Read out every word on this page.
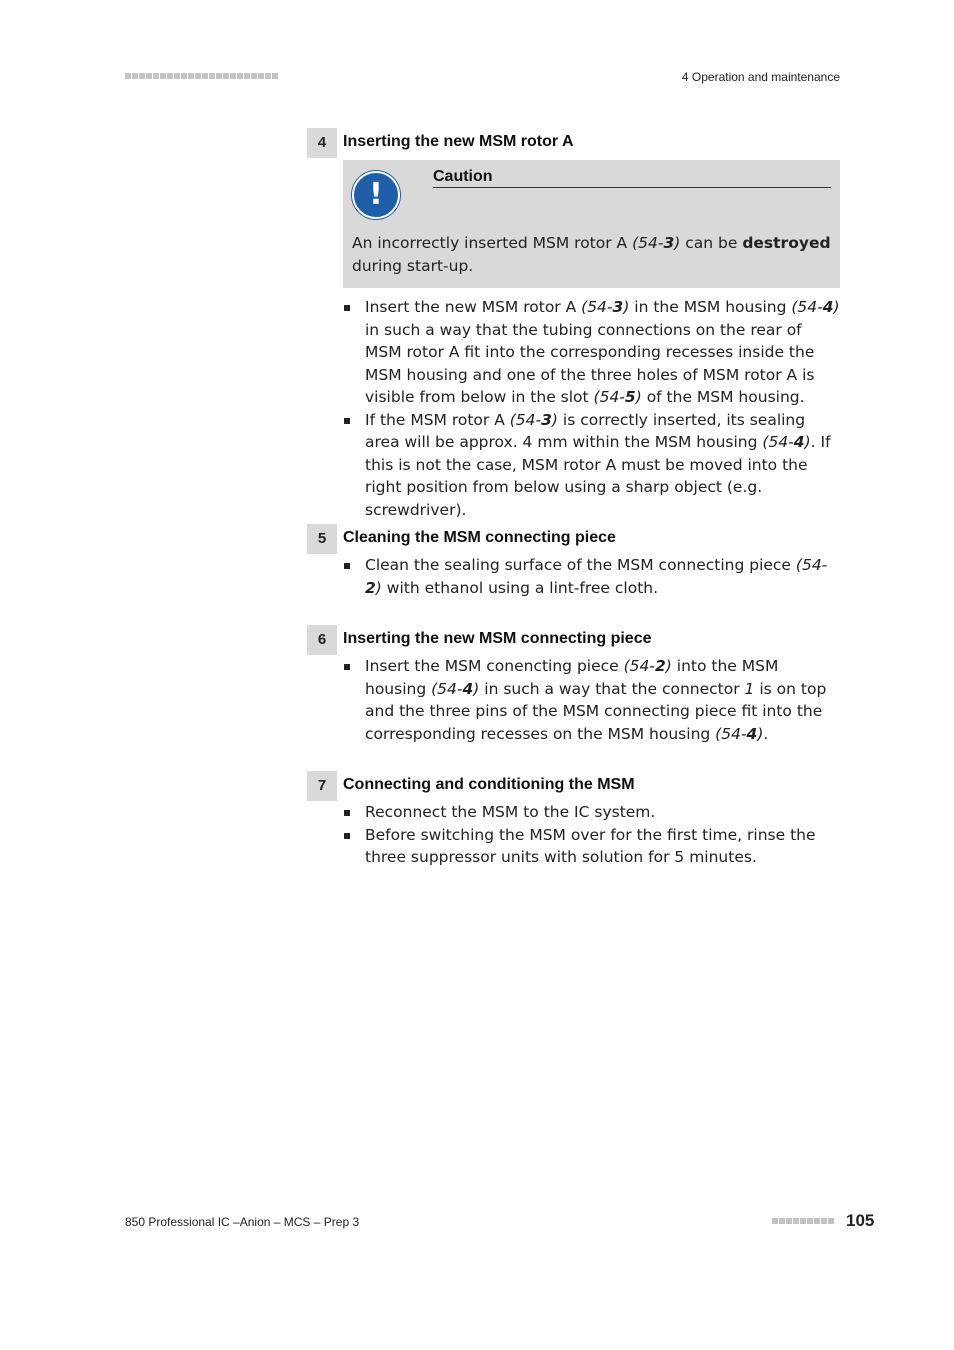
4 Operation and maintenance
4	Inserting the new MSM rotor A
!
Caution
An incorrectly inserted MSM rotor A (54-3) can be destroyed during start-up.
Insert the new MSM rotor A (54-3) in the MSM housing (54-4) in such a way that the tubing connections on the rear of MSM rotor A fit into the corresponding recesses inside the MSM housing and one of the three holes of MSM rotor A is visible from below in the slot (54-5) of the MSM housing.
If the MSM rotor A (54-3) is correctly inserted, its sealing area will be approx. 4 mm within the MSM housing (54-4). If this is not the case, MSM rotor A must be moved into the right position from below using a sharp object (e.g. screwdriver).
5	Cleaning the MSM connecting piece
Clean the sealing surface of the MSM connecting piece (54-2) with ethanol using a lint-free cloth.
6	Inserting the new MSM connecting piece
Insert the MSM conencting piece (54-2) into the MSM housing (54-4) in such a way that the connector 1 is on top and the three pins of the MSM connecting piece fit into the corresponding recesses on the MSM housing (54-4).
7	Connecting and conditioning the MSM
Reconnect the MSM to the IC system.
Before switching the MSM over for the first time, rinse the three suppressor units with solution for 5 minutes.
850 Professional IC –Anion – MCS – Prep 3	105
